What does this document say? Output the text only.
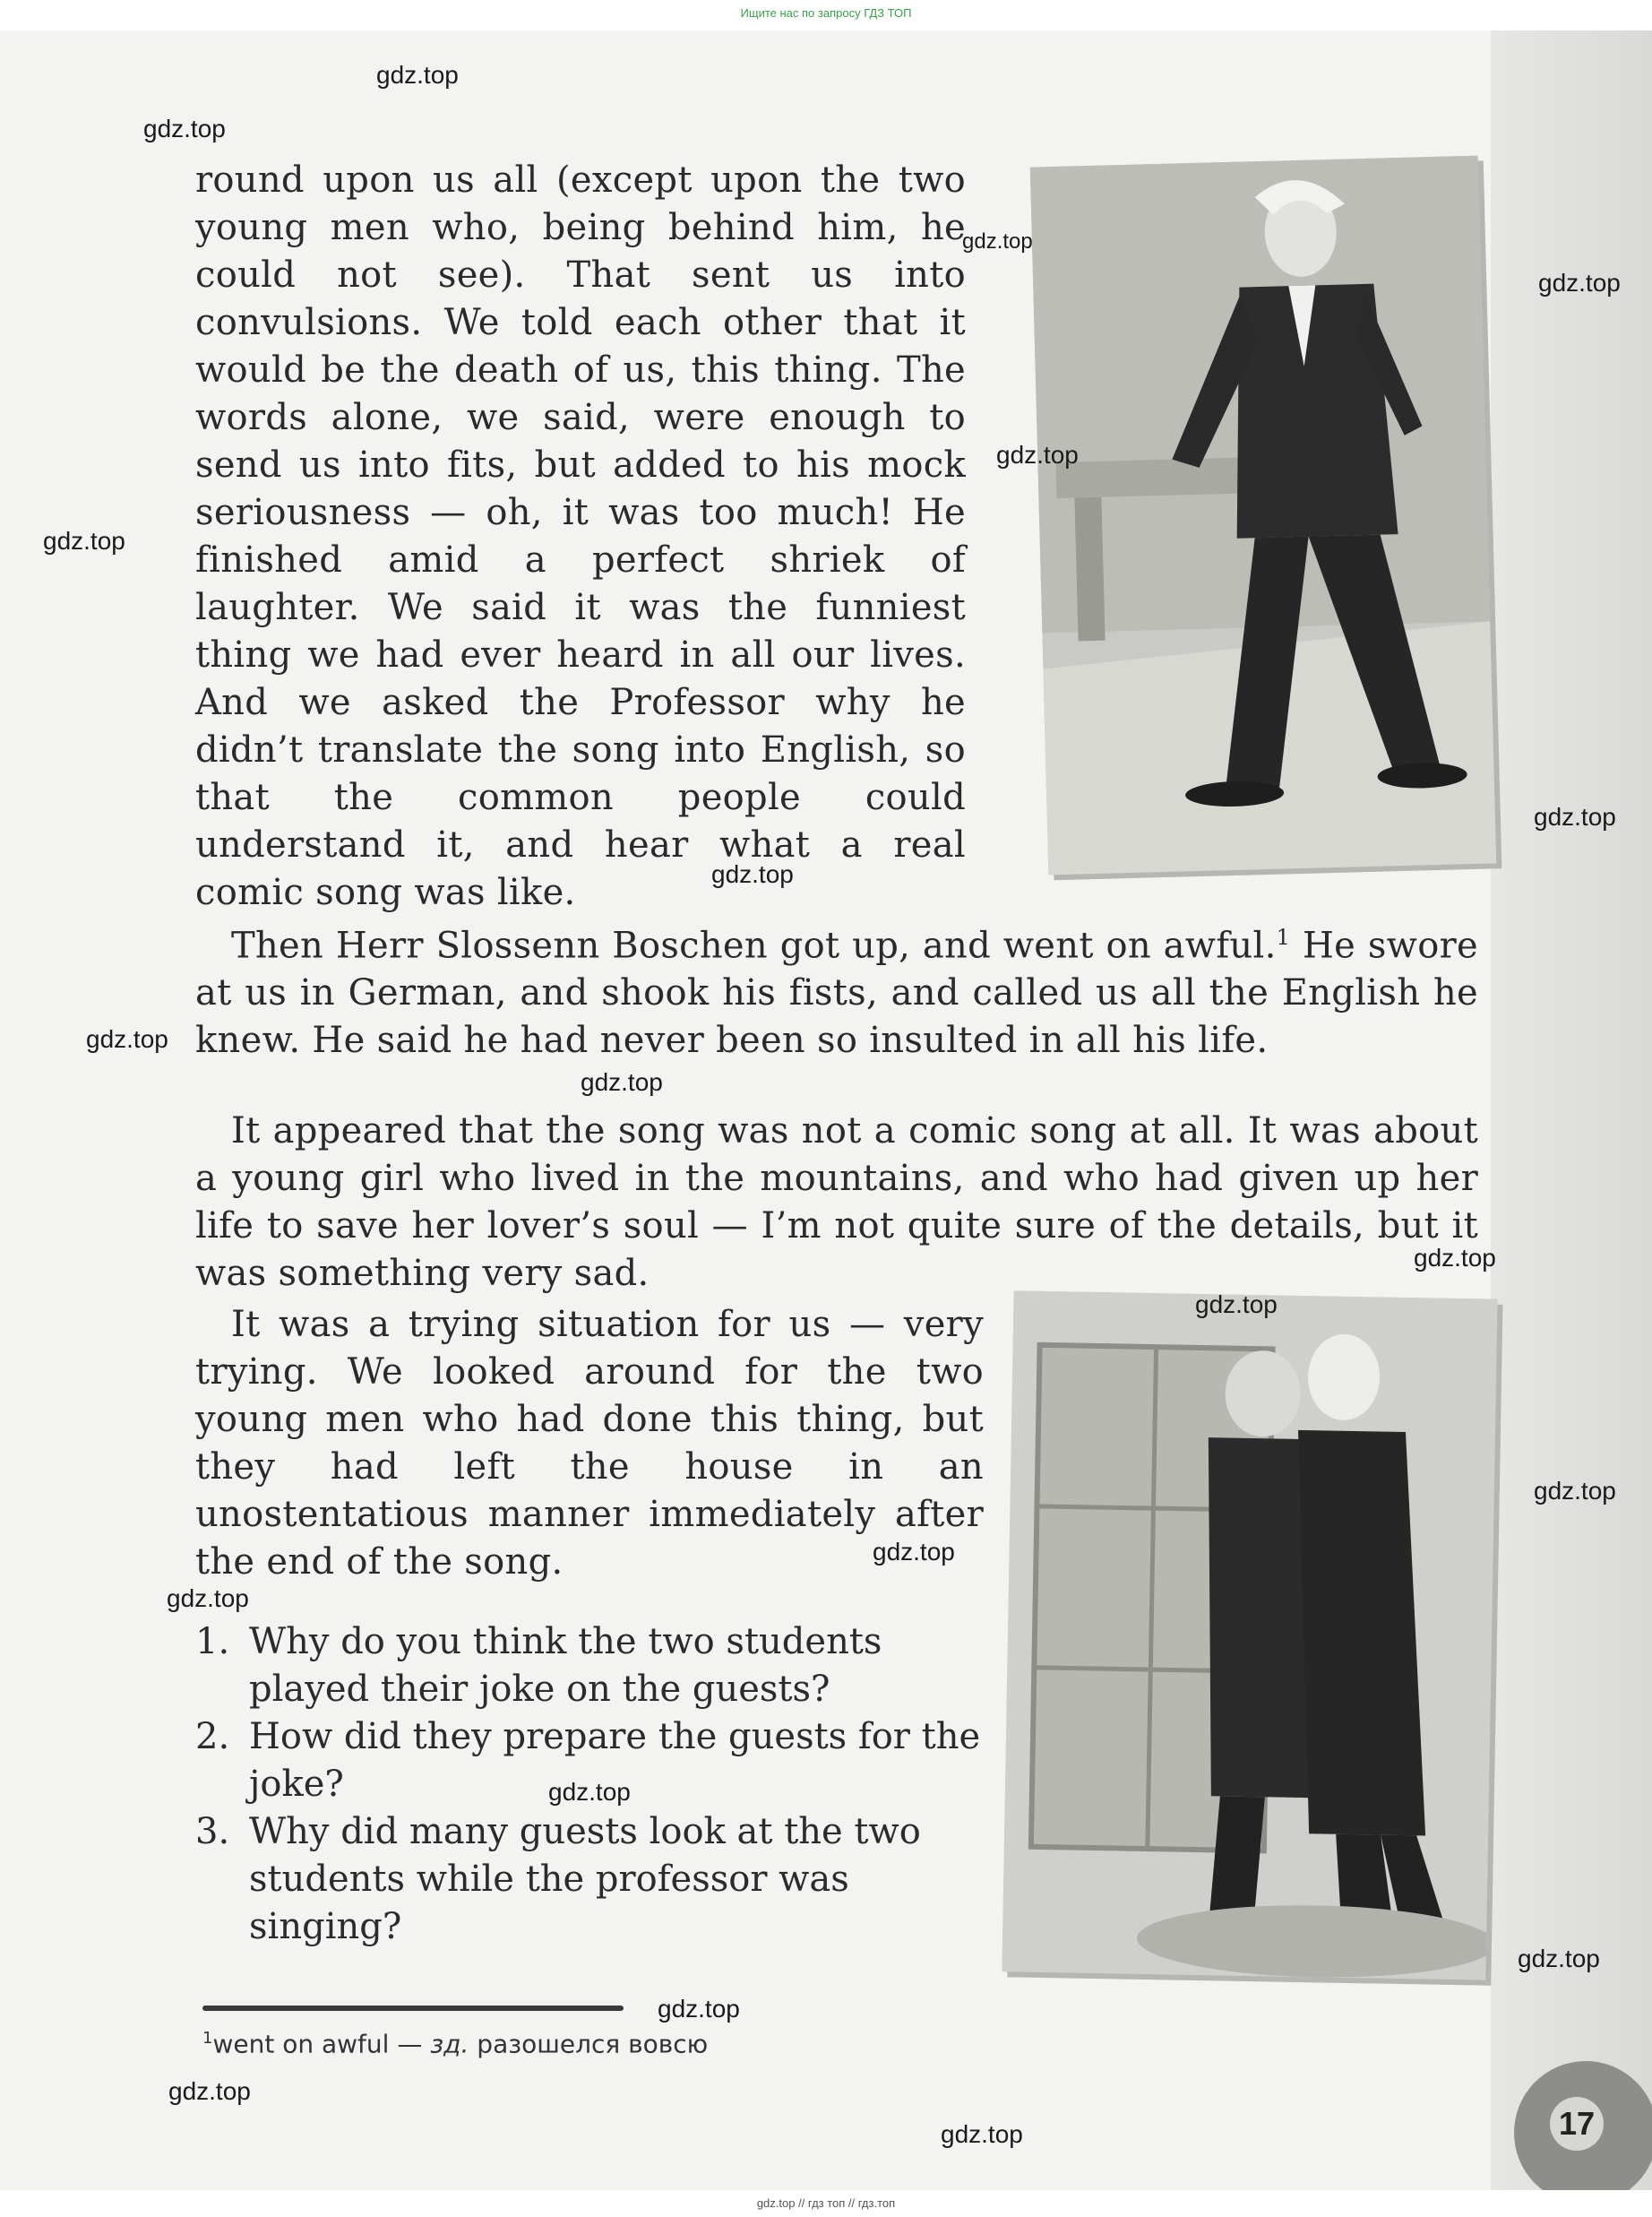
Ищите нас по запросу ГДЗ ТОП

round upon us all (except upon the two young men who, being behind him, he could not see). That sent us into convulsions. We told each other that it would be the death of us, this thing. The words alone, we said, were enough to send us into fits, but added to his mock seriousness — oh, it was too much! He finished amid a perfect shriek of laughter. We said it was the funniest thing we had ever heard in all our lives. And we asked the Professor why he didn’t translate the song into English, so that the common people could understand it, and hear what a real comic song was like.

Then Herr Slossenn Boschen got up, and went on awful.$^1$ He swore at us in German, and shook his fists, and called us all the English he knew. He said he had never been so insulted in all his life.

It appeared that the song was not a comic song at all. It was about a young girl who lived in the mountains, and who had given up her life to save her lover’s soul — I’m not quite sure of the details, but it was something very sad.

It was a trying situation for us — very trying. We looked around for the two young men who had done this thing, but they had left the house in an unostentatious manner immediately after the end of the song.

1. Why do you think the two students played their joke on the guests?
2. How did they prepare the guests for the joke?
3. Why did many guests look at the two students while the professor was singing?
$^1$went on awful — зд. разошелся вовсю
17
gdz.top
gdz.top
gdz.top
gdz.top
gdz.top
gdz.top
gdz.top
gdz.top
gdz.top
gdz.top
gdz.top
gdz.top
gdz.top
gdz.top
gdz.top
gdz.top
gdz.top
gdz.top
gdz.top
gdz.top
gdz.top // гдз топ // гдз.топ
